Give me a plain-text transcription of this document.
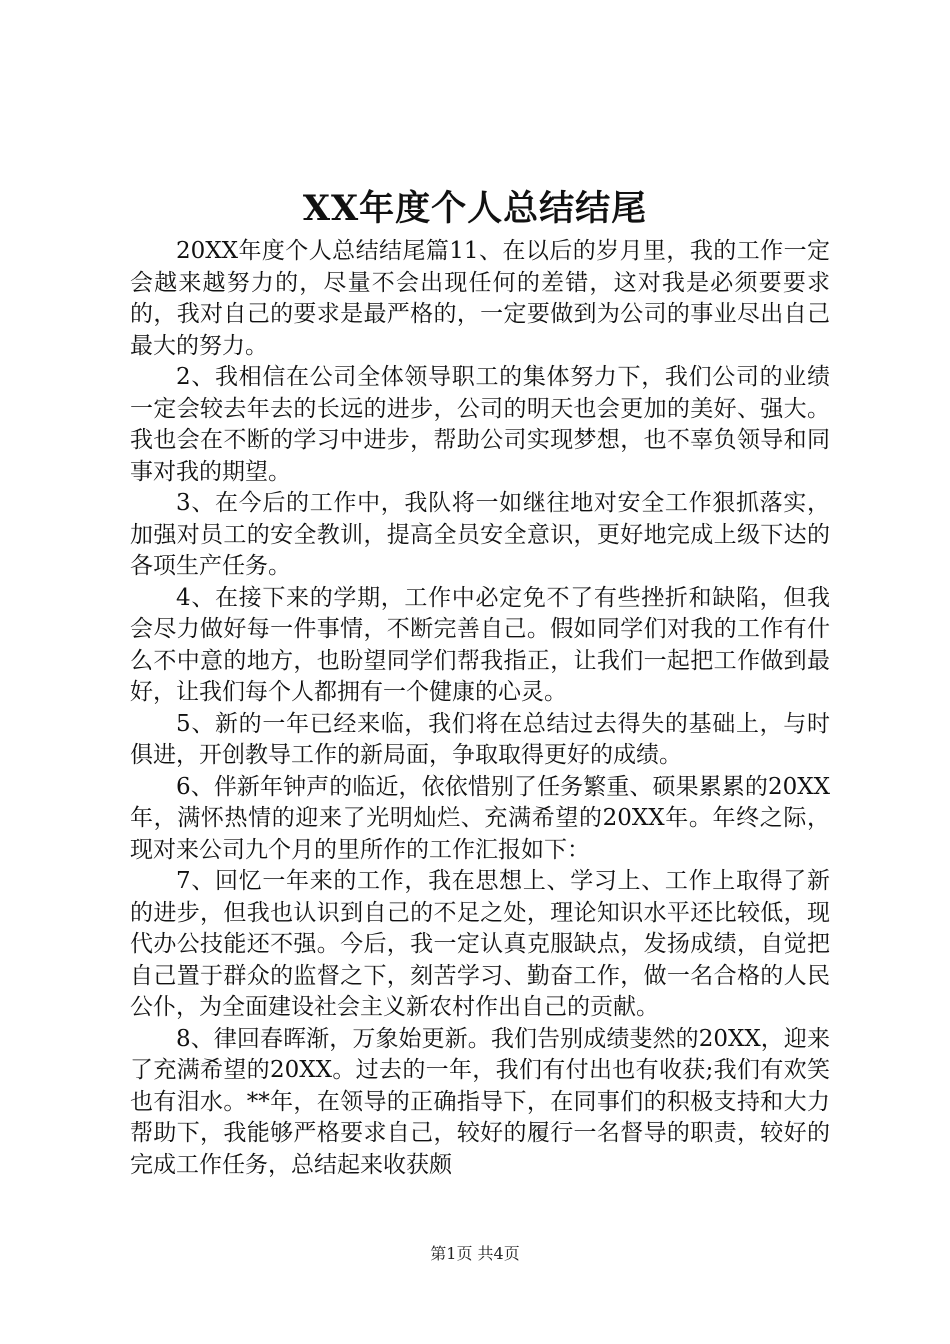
XX年度个人总结结尾

20XX年度个人总结结尾篇11、在以后的岁月里，我的工作一定会越来越努力的，尽量不会出现任何的差错，这对我是必须要要求的，我对自己的要求是最严格的，一定要做到为公司的事业尽出自己最大的努力。

2、我相信在公司全体领导职工的集体努力下，我们公司的业绩一定会较去年去的长远的进步，公司的明天也会更加的美好、强大。我也会在不断的学习中进步，帮助公司实现梦想，也不辜负领导和同事对我的期望。

3、在今后的工作中，我队将一如继往地对安全工作狠抓落实，加强对员工的安全教训，提高全员安全意识，更好地完成上级下达的各项生产任务。

4、在接下来的学期，工作中必定免不了有些挫折和缺陷，但我会尽力做好每一件事情，不断完善自己。假如同学们对我的工作有什么不中意的地方，也盼望同学们帮我指正，让我们一起把工作做到最好，让我们每个人都拥有一个健康的心灵。

5、新的一年已经来临，我们将在总结过去得失的基础上，与时俱进，开创教导工作的新局面，争取取得更好的成绩。

6、伴新年钟声的临近，依依惜别了任务繁重、硕果累累的20XX年，满怀热情的迎来了光明灿烂、充满希望的20XX年。年终之际，现对来公司九个月的里所作的工作汇报如下：

7、回忆一年来的工作，我在思想上、学习上、工作上取得了新的进步，但我也认识到自己的不足之处，理论知识水平还比较低，现代办公技能还不强。今后，我一定认真克服缺点，发扬成绩，自觉把自己置于群众的监督之下，刻苦学习、勤奋工作，做一名合格的人民公仆，为全面建设社会主义新农村作出自己的贡献。

8、律回春晖渐，万象始更新。我们告别成绩斐然的20XX，迎来了充满希望的20XX。过去的一年，我们有付出也有收获;我们有欢笑也有泪水。**年，在领导的正确指导下，在同事们的积极支持和大力帮助下，我能够严格要求自己，较好的履行一名督导的职责，较好的完成工作任务，总结起来收获颇

第1页 共4页
